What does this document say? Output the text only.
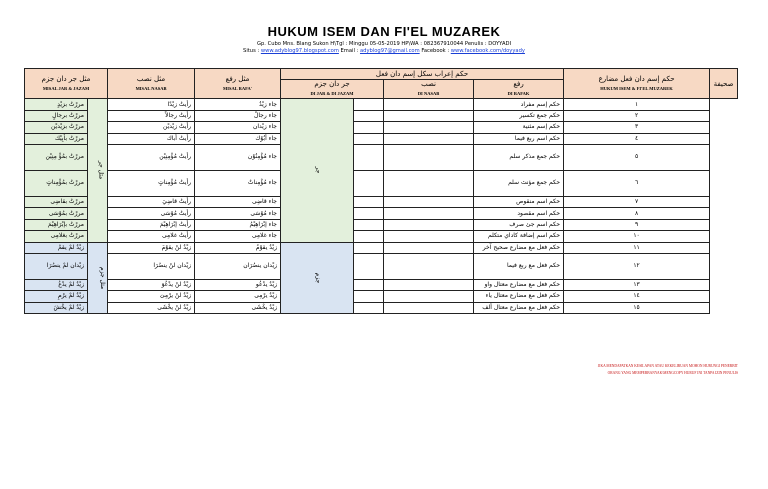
HUKUM ISEM DAN FI'EL MUZAREK
Gp. Cubo Mns. Blang Sukon H\Tgl : Minggu 05-05-2019 HP\WA : 082367910044 Penulis : DOYYADI
Situs : www.adyblog97.blogspot.com Email : adyblog97@gmail.com Facebook : www.facebook.com/doyyady
مثل جر دان جزم
MISAL JAR & JAZAM		مثل نصب
MISAL NASAB	مثل رفع
MISAL RAFA'	حكم إعراب سكل إسم دان فعل				حكم إسم دان فعل مضارع
HUKUM ISEM & FI'EL MUZAREK	صحيفة

				جر دان جزم
DI JAR & DI JAZAM		نصب
DI NASAB	رفع
DI RAFAK		

مررْتُ بزيْدٍ	مثل جر	رأيتُ زيْدًا	جاء زيْدٌ	جر			حكم إسم مفراد	١	
مررْتُ برجالٍ		رأيتُ رجالاً	جاء رجالٌ				حكم جمع تكسير	٢	
مررْتُ بزيْديْن		رأيتُ زيْديْن	جاء زيْدان				حكم إسم مثنية	٣	
مررْتُ بأبِيْك		رأيتُ أباك	جاء أبُوْك				حكم اسم ربع فيما	٤	
مررْتُ بمُؤْ مِنِيْن		رأيتُ مُؤْمِنِيْن	جاء مُؤْمِنُوْن				حكم جمع مذكر سلم	٥	
مررْتُ بمُؤْمِناتٍ		رأيتُ مُؤْمِناتٍ	جاء مُؤْمِناتٌ				حكم جمع مؤنث سلم	٦	
مررْتُ بقاضِى		رأيتُ قاضِيَ	جاء قاضِى				حكم اسم منقوص	٧	
مررْتُ بمُوْسَى		رأيتُ مُوْسَى	جاء مُوْسَى				حكم اسم مقصود	٨	
مررْتُ بإبْرَاهِيْمَ		رأيتُ إبْرَاهِيْمَ	جاء إبْرَاهِيْمُ				حكم اسم جئ صرف	٩	
مررْتُ بغلامِى		رأيتُ غلامِى	جاء غلامِى				حكم اسم إضافة كاداي متكلم	١٠	
زيْدٌ لمْ يقمْ	مثل جزم	زيْدٌ لنْ يقوْمَ	زيْدٌ يقوْمُ	جزم			حكم فعل مع مضارع صحيح آخر	١١	
زيْدان لمْ ينصُرَا		زيْدان لنْ ينصُرَا	زيْدان ينصُرَان				حكم فعل مع ربع فيما	١٢	
زيْدٌ لمْ يدْعُ		زيْدٌ لنْ يدْعُوَ	زيْدٌ يدْعُو				حكم فعل مع مضارع معتال واو	١٣	
زيْدٌ لمْ يرْمِ		زيْدٌ لنْ يرْمِىَ	زيْدٌ يرْمِى				حكم فعل مع مضارع معتال ياء	١٤	
زيْدٌ لمْ يخْشَ		زيْدٌ لنْ يخْشَى	زيْدٌ يخْشَى				حكم فعل مع مضارع معتال ألف	١٥	
JIKA MENDAPATKAN KESILAPAN ATAU KEKELIRUAN MOHON HUBUNGI PENERBIT
ORANG YANG MEMPERBANYAK\MENGCOPY HURUF INI TANPA IZIN PENULIS
